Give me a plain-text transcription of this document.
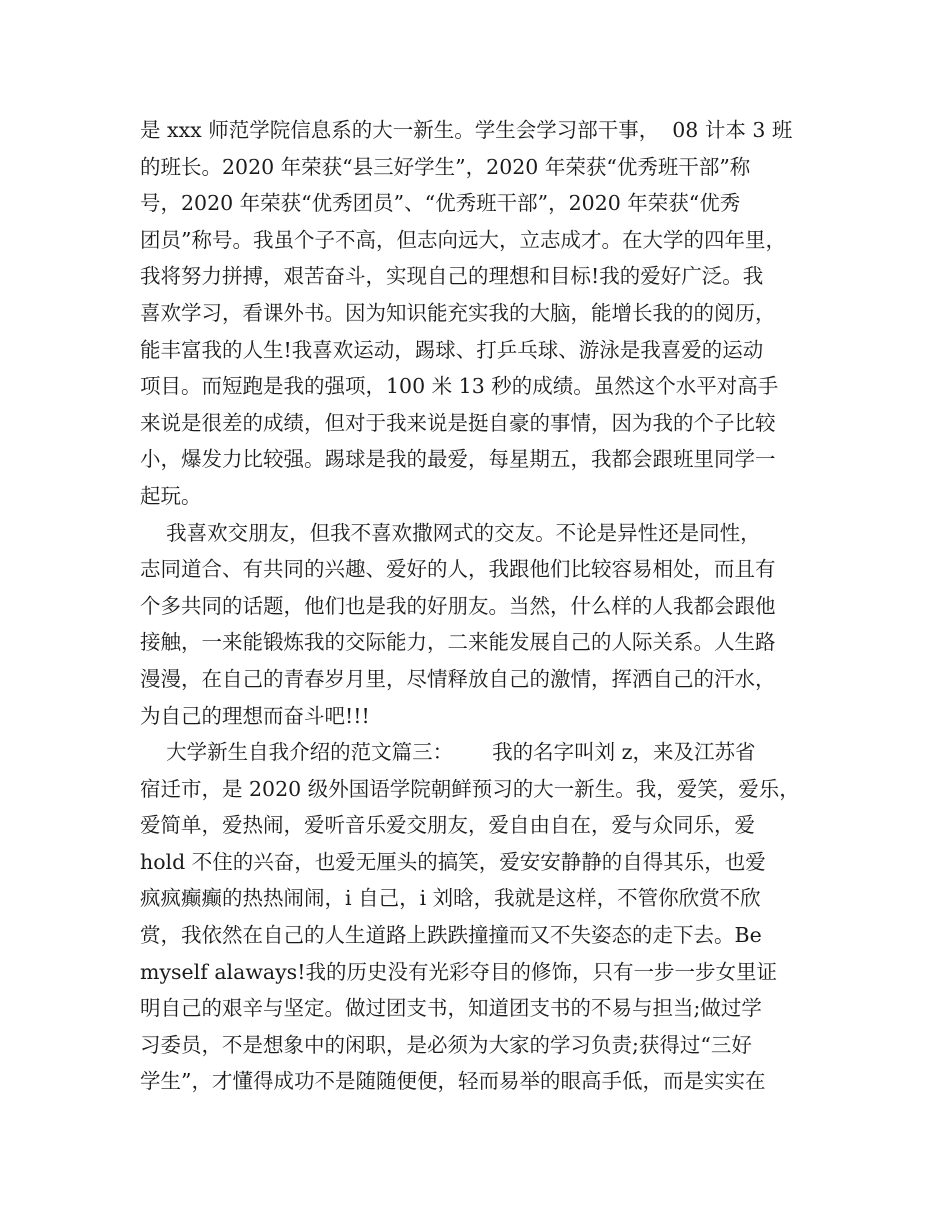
是 xxx 师范学院信息系的大一新生。学生会学习部干事，  08 计本 3 班
的班长。2020 年荣获“县三好学生”，2020 年荣获“优秀班干部”称
号，2020 年荣获“优秀团员”、“优秀班干部”，2020 年荣获“优秀
团员”称号。我虽个子不高，但志向远大，立志成才。在大学的四年里，
我将努力拼搏，艰苦奋斗，实现自己的理想和目标!我的爱好广泛。我
喜欢学习，看课外书。因为知识能充实我的大脑，能增长我的的阅历，
能丰富我的人生!我喜欢运动，踢球、打乒乓球、游泳是我喜爱的运动
项目。而短跑是我的强项，100 米 13 秒的成绩。虽然这个水平对高手
来说是很差的成绩，但对于我来说是挺自豪的事情，因为我的个子比较
小，爆发力比较强。踢球是我的最爱，每星期五，我都会跟班里同学一
起玩。
我喜欢交朋友，但我不喜欢撒网式的交友。不论是异性还是同性，
志同道合、有共同的兴趣、爱好的人，我跟他们比较容易相处，而且有
个多共同的话题，他们也是我的好朋友。当然，什么样的人我都会跟他
接触，一来能锻炼我的交际能力，二来能发展自己的人际关系。人生路
漫漫，在自己的青春岁月里，尽情释放自己的激情，挥洒自己的汗水，
为自己的理想而奋斗吧!!!
大学新生自我介绍的范文篇三：      我的名字叫刘 z，来及江苏省
宿迁市，是 2020 级外国语学院朝鲜预习的大一新生。我，爱笑，爱乐，
爱简单，爱热闹，爱听音乐爱交朋友，爱自由自在，爱与众同乐，爱
hold 不住的兴奋，也爱无厘头的搞笑，爱安安静静的自得其乐，也爱
疯疯癫癫的热热闹闹，i 自己，i 刘晗，我就是这样，不管你欣赏不欣
赏，我依然在自己的人生道路上跌跌撞撞而又不失姿态的走下去。Be
myself alaways!我的历史没有光彩夺目的修饰，只有一步一步女里证
明自己的艰辛与坚定。做过团支书，知道团支书的不易与担当;做过学
习委员，不是想象中的闲职，是必须为大家的学习负责;获得过“三好
学生”，才懂得成功不是随随便便，轻而易举的眼高手低，而是实实在
